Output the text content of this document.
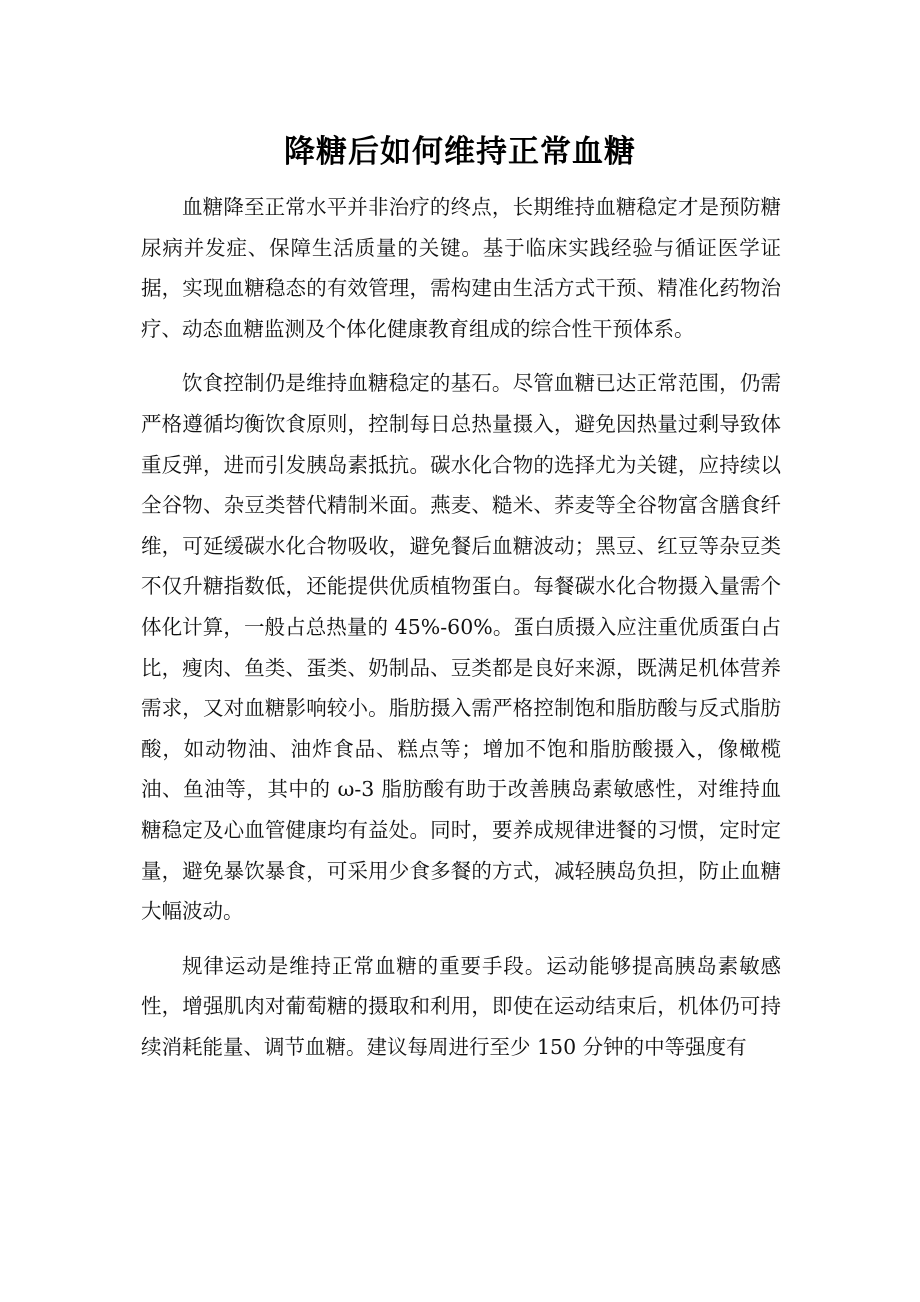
降糖后如何维持正常血糖

血糖降至正常水平并非治疗的终点，长期维持血糖稳定才是预防糖尿病并发症、保障生活质量的关键。基于临床实践经验与循证医学证据，实现血糖稳态的有效管理，需构建由生活方式干预、精准化药物治疗、动态血糖监测及个体化健康教育组成的综合性干预体系。

饮食控制仍是维持血糖稳定的基石。尽管血糖已达正常范围，仍需严格遵循均衡饮食原则，控制每日总热量摄入，避免因热量过剩导致体重反弹，进而引发胰岛素抵抗。碳水化合物的选择尤为关键，应持续以全谷物、杂豆类替代精制米面。燕麦、糙米、荞麦等全谷物富含膳食纤维，可延缓碳水化合物吸收，避免餐后血糖波动；黑豆、红豆等杂豆类不仅升糖指数低，还能提供优质植物蛋白。每餐碳水化合物摄入量需个体化计算，一般占总热量的 45%-60%。蛋白质摄入应注重优质蛋白占比，瘦肉、鱼类、蛋类、奶制品、豆类都是良好来源，既满足机体营养需求，又对血糖影响较小。脂肪摄入需严格控制饱和脂肪酸与反式脂肪酸，如动物油、油炸食品、糕点等；增加不饱和脂肪酸摄入，像橄榄油、鱼油等，其中的 ω-3 脂肪酸有助于改善胰岛素敏感性，对维持血糖稳定及心血管健康均有益处。同时，要养成规律进餐的习惯，定时定量，避免暴饮暴食，可采用少食多餐的方式，减轻胰岛负担，防止血糖大幅波动。

规律运动是维持正常血糖的重要手段。运动能够提高胰岛素敏感性，增强肌肉对葡萄糖的摄取和利用，即使在运动结束后，机体仍可持续消耗能量、调节血糖。建议每周进行至少 150 分钟的中等强度有
